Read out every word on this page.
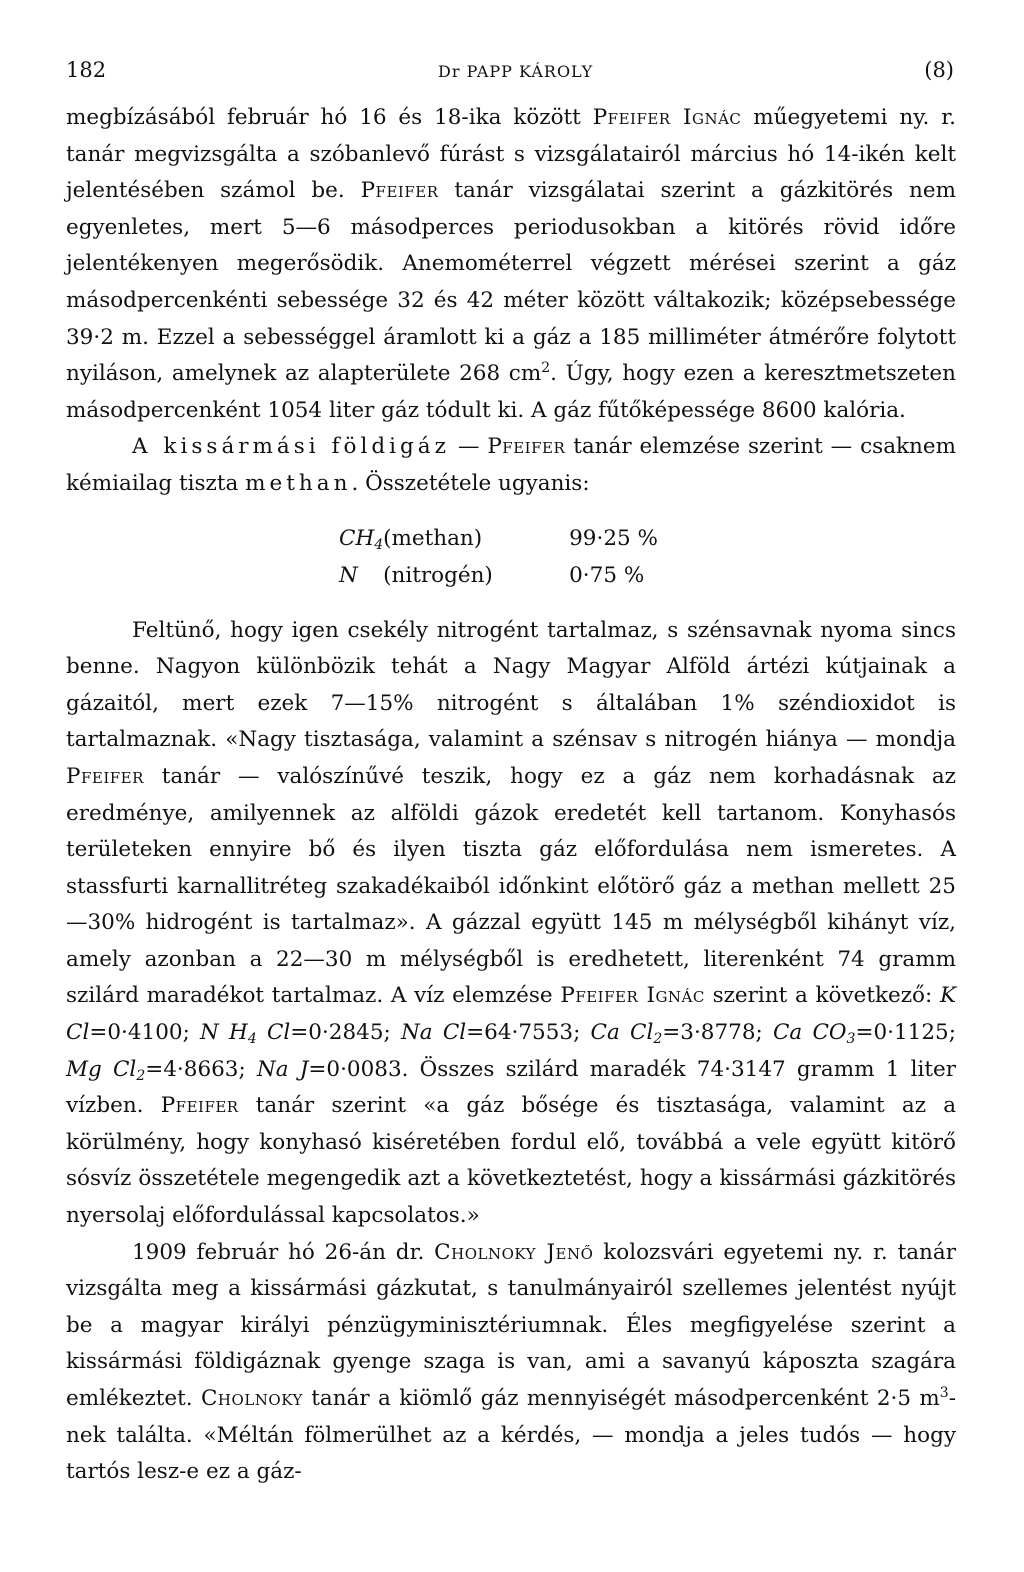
182	Dr PAPP KÁROLY	(8)

megbízásából február hó 16 és 18-ika között Pfeifer Ignác műegyetemi ny. r. tanár megvizsgálta a szóbanlevő fúrást s vizsgálatairól március hó 14-ikén kelt jelentésében számol be. Pfeifer tanár vizsgálatai szerint a gázkitörés nem egyenletes, mert 5—6 másodperces periodusokban a kitörés rövid időre jelentékenyen megerősödik. Anemométerrel végzett mérései szerint a gáz másodpercenkénti sebessége 32 és 42 méter között váltakozik; középsebessége 39·2 m. Ezzel a sebességgel áramlott ki a gáz a 185 milliméter átmérőre folytott nyiláson, amelynek az alapterülete 268 $cm^2$. Úgy, hogy ezen a keresztmetszeten másodpercenként 1054 liter gáz tódult ki. A gáz fűtőképessége 8600 kalória.

A kissármási földigáz — Pfeifer tanár elemzése szerint — csaknem kémiailag tiszta methan. Összetétele ugyanis:

$CH_4$	(methan)	99·25 %
N	(nitrogén)	0·75 %

Feltünő, hogy igen csekély nitrogént tartalmaz, s szénsavnak nyoma sincs benne. Nagyon különbözik tehát a Nagy Magyar Alföld ártézi kútjainak a gázaitól, mert ezek 7—15% nitrogént s általában 1% széndioxidot is tartalmaznak. «Nagy tisztasága, valamint a szénsav s nitrogén hiánya — mondja Pfeifer tanár — valószínűvé teszik, hogy ez a gáz nem korhadásnak az eredménye, amilyennek az alföldi gázok eredetét kell tartanom. Konyhasós területeken ennyire bő és ilyen tiszta gáz előfordulása nem ismeretes. A stassfurti karnallitréteg szakadékaiból időnkint előtörő gáz a methan mellett 25—30% hidrogént is tartalmaz». A gázzal együtt 145 m mélységből kihányt víz, amely azonban a 22—30 m mélységből is eredhetett, literenként 74 gramm szilárd maradékot tartalmaz. A víz elemzése Pfeifer Ignác szerint a következő: K Cl=0·4100; N $H_4$ Cl=0·2845; Na Cl=64·7553; Ca $Cl_2=3\cdot 8778$; Ca $CO_3=0\cdot 1125$; Mg $Cl_2=4\cdot 8663$; Na J=0·0083. Összes szilárd maradék 74·3147 gramm 1 liter vízben. Pfeifer tanár szerint «a gáz bősége és tisztasága, valamint az a körülmény, hogy konyhasó kiséretében fordul elő, továbbá a vele együtt kitörő sósvíz összetétele megengedik azt a következtetést, hogy a kissármási gázkitörés nyersolaj előfordulással kapcsolatos.»

1909 február hó 26-án dr. Cholnoky Jenő kolozsvári egyetemi ny. r. tanár vizsgálta meg a kissármási gázkutat, s tanulmányairól szellemes jelentést nyújt be a magyar királyi pénzügyminisztériumnak. Éles megfigyelése szerint a kissármási földigáznak gyenge szaga is van, ami a savanyú káposzta szagára emlékeztet. Cholnoky tanár a kiömlő gáz mennyiségét másodpercenként 2·5 $m^3$-nek találta. «Méltán fölmerülhet az a kérdés, — mondja a jeles tudós — hogy tartós lesz-e ez a gáz-
